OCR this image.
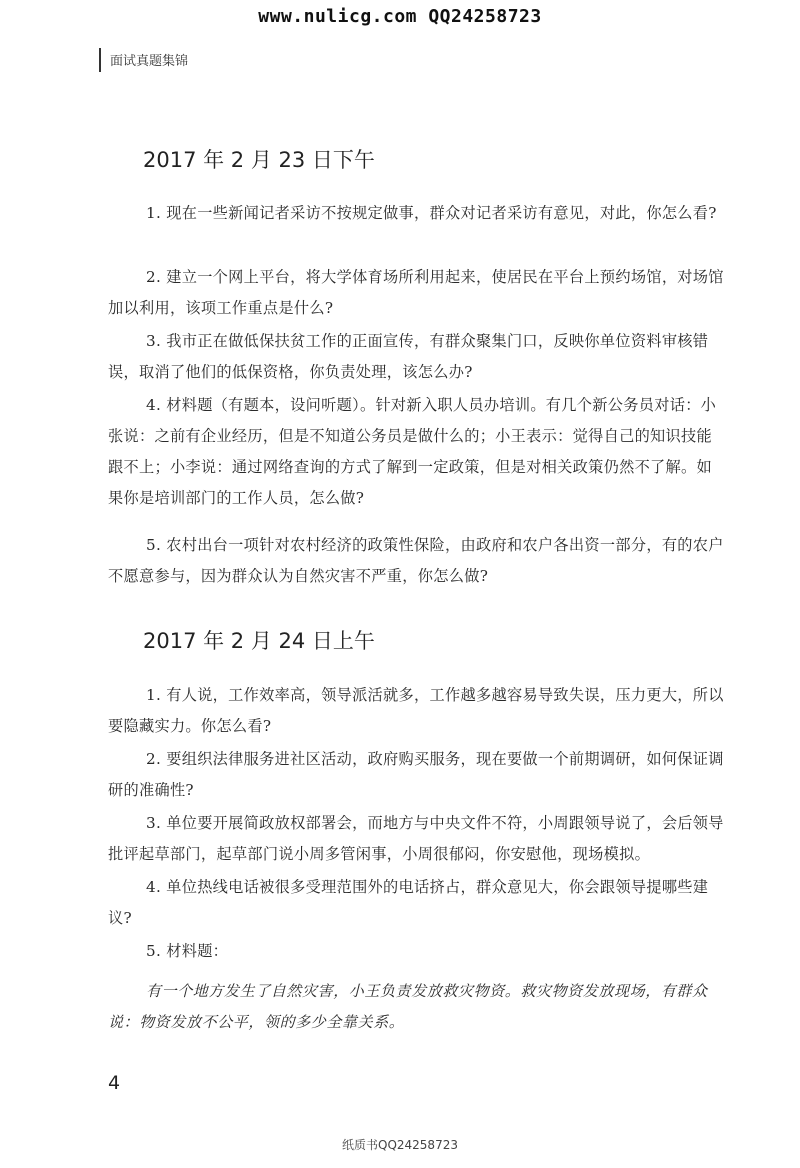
www.nulicg.com QQ24258723
面试真题集锦
2017 年 2 月 23 日下午

1. 现在一些新闻记者采访不按规定做事，群众对记者采访有意见，对此，你怎么看?

2. 建立一个网上平台，将大学体育场所利用起来，使居民在平台上预约场馆，对场馆加以利用，该项工作重点是什么?

3. 我市正在做低保扶贫工作的正面宣传，有群众聚集门口，反映你单位资料审核错误，取消了他们的低保资格，你负责处理，该怎么办?

4. 材料题（有题本，设问听题）。针对新入职人员办培训。有几个新公务员对话：小张说：之前有企业经历，但是不知道公务员是做什么的；小王表示：觉得自己的知识技能跟不上；小李说：通过网络查询的方式了解到一定政策，但是对相关政策仍然不了解。如果你是培训部门的工作人员，怎么做?

5. 农村出台一项针对农村经济的政策性保险，由政府和农户各出资一部分，有的农户不愿意参与，因为群众认为自然灾害不严重，你怎么做?

2017 年 2 月 24 日上午

1. 有人说，工作效率高，领导派活就多，工作越多越容易导致失误，压力更大，所以要隐藏实力。你怎么看?

2. 要组织法律服务进社区活动，政府购买服务，现在要做一个前期调研，如何保证调研的准确性?

3. 单位要开展简政放权部署会，而地方与中央文件不符，小周跟领导说了，会后领导批评起草部门，起草部门说小周多管闲事，小周很郁闷，你安慰他，现场模拟。

4. 单位热线电话被很多受理范围外的电话挤占，群众意见大，你会跟领导提哪些建议?

5. 材料题：

有一个地方发生了自然灾害，小王负责发放救灾物资。救灾物资发放现场，有群众说：物资发放不公平，领的多少全靠关系。

4
纸质书QQ24258723
